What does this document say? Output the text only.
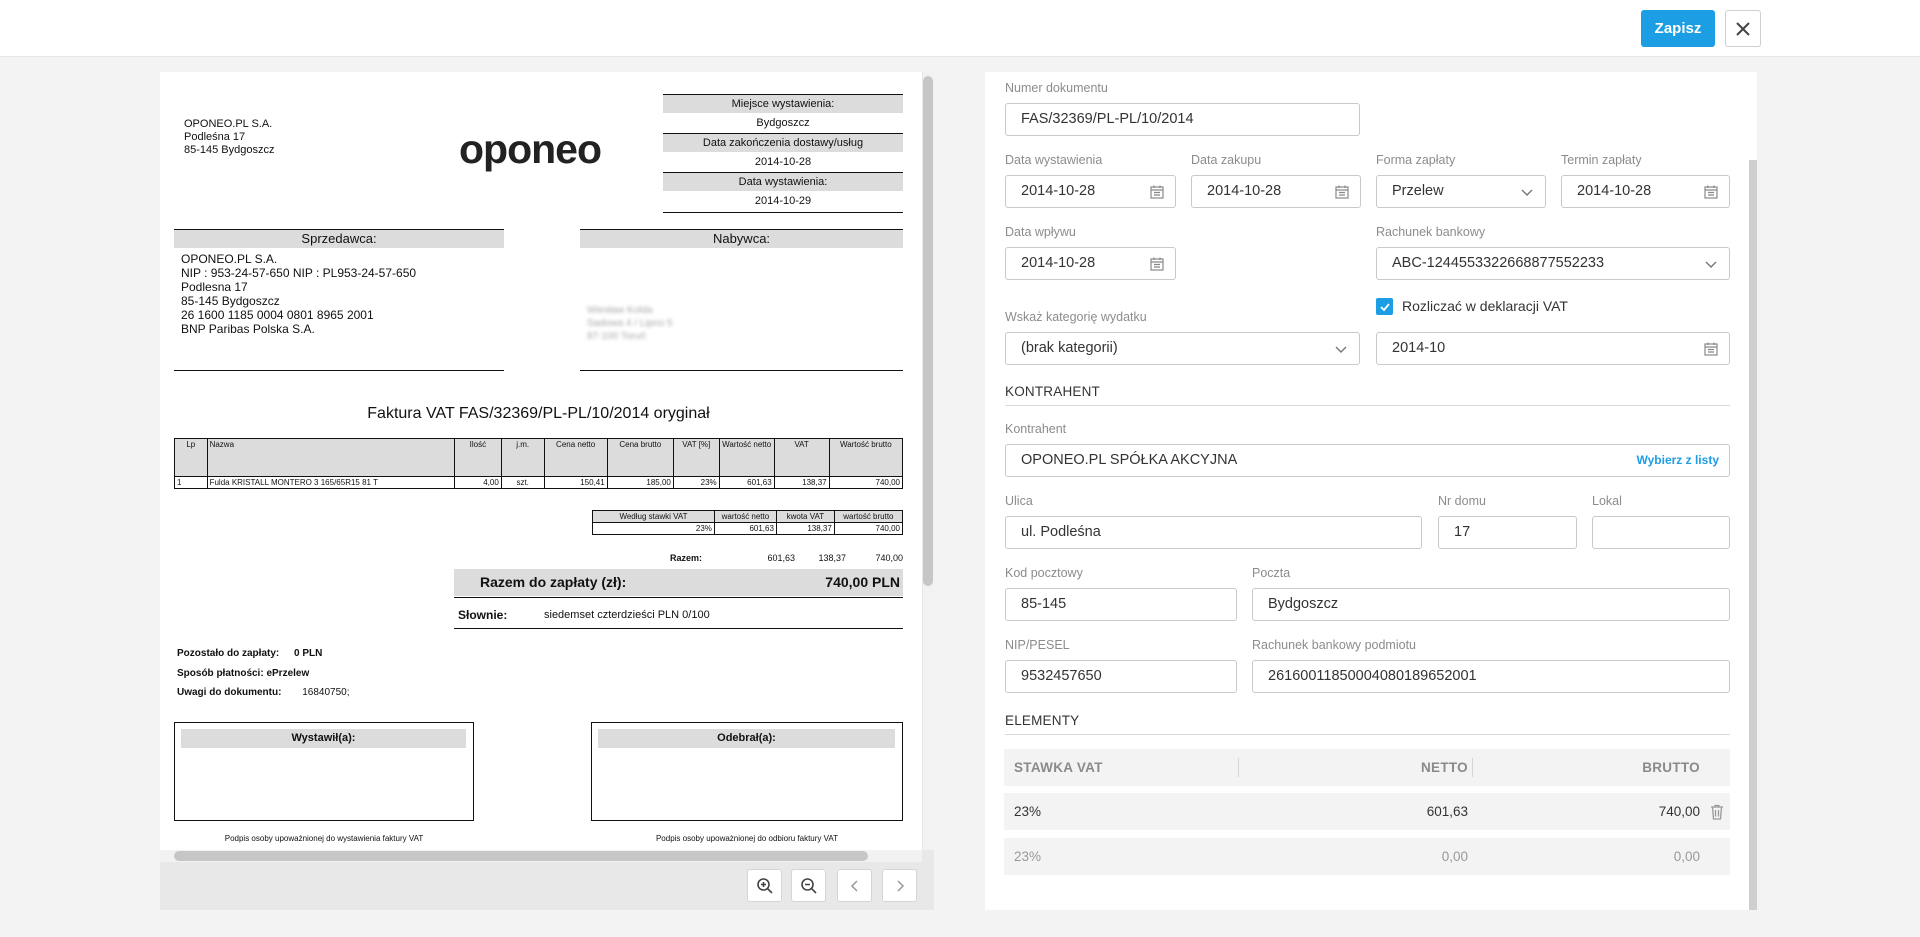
Zapisz
OPONEO.PL S.A.
Podleśna 17
85-145 Bydgoszcz	oponeo
Miejsce wystawienia:
Bydgoszcz
Data zakończenia dostawy/usług
2014-10-28
Data wystawienia:
2014-10-29
Sprzedawca:	Nabywca:
OPONEO.PL S.A.
NIP : 953-24-57-650 NIP : PL953-24-57-650
Podlesna 17
85-145 Bydgoszcz
26 1600 1185 0004 0801 8965 2001
BNP Paribas Polska S.A.
Wiesław Kolda
Sadowa 4 / Lipno 5
87-100 Toruń
Faktura VAT FAS/32369/PL-PL/10/2014 oryginał
Lp	Nazwa	Ilość	j.m.	Cena netto	Cena brutto	VAT [%]	Wartość netto	VAT	Wartość brutto
1	Fulda KRISTALL MONTERO 3 165/65R15 81 T	4,00	szt.	150,41	185,00	23%	601,63	138,37	740,00
Według stawki VAT	wartość netto	kwota VAT	wartość brutto
23%	601,63	138,37	740,00
Razem:	601,63	138,37	740,00
Razem do zapłaty (zł):	740,00 PLN
Słownie:	siedemset czterdzieści PLN 0/100
Pozostało do zapłaty: 0 PLN
Sposób płatności: ePrzelew
Uwagi do dokumentu: 16840750;
Wystawił(a):	Odebrał(a):
Podpis osoby upoważnionej do wystawienia faktury VAT	Podpis osoby upoważnionej do odbioru faktury VAT
Numer dokumentu
FAS/32369/PL-PL/10/2014
Data wystawienia
2014-10-28
Data zakupu
2014-10-28
Forma zapłaty
Przelew
Termin zapłaty
2014-10-28
Data wpływu
2014-10-28
Rachunek bankowy
ABC-1244553322668877552233
Rozliczać w deklaracji VAT
Wskaż kategorię wydatku
(brak kategorii)	2014-10
KONTRAHENT
Kontrahent
OPONEO.PL SPÓŁKA AKCYJNA	Wybierz z listy
Ulica
ul. Podleśna
Nr domu
17
Lokal
Kod pocztowy
85-145
Poczta
Bydgoszcz
NIP/PESEL
9532457650
Rachunek bankowy podmiotu
26160011850004080189652001
ELEMENTY
STAWKA VAT	NETTO	BRUTTO
23%	601,63	740,00
23%	0,00	0,00
